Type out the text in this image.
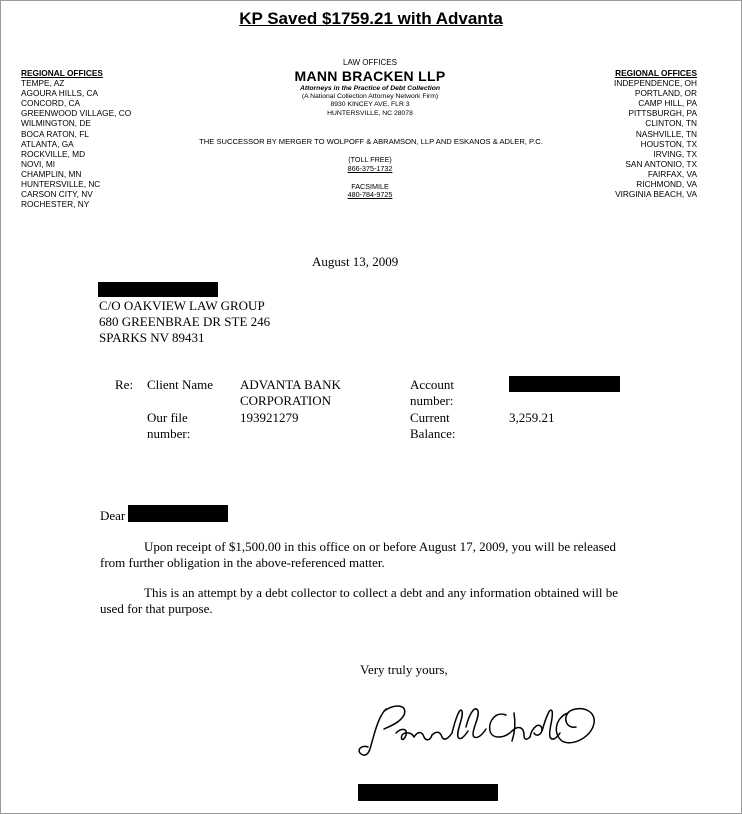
KP Saved $1759.21 with Advanta
REGIONAL OFFICES
TEMPE, AZ
AGOURA HILLS, CA
CONCORD, CA
GREENWOOD VILLAGE, CO
WILMINGTON, DE
BOCA RATON, FL
ATLANTA, GA
ROCKVILLE, MD
NOVI, MI
CHAMPLIN, MN
HUNTERSVILLE, NC
CARSON CITY, NV
ROCHESTER, NY
REGIONAL OFFICES
INDEPENDENCE, OH
PORTLAND, OR
CAMP HILL, PA
PITTSBURGH, PA
CLINTON, TN
NASHVILLE, TN
HOUSTON, TX
IRVING, TX
SAN ANTONIO, TX
FAIRFAX, VA
RICHMOND, VA
VIRGINIA BEACH, VA
LAW OFFICES
MANN BRACKEN LLP
Attorneys in the Practice of Debt Collection
(A National Collection Attorney Network Firm)
8930 KINCEY AVE, FLR 3
HUNTERSVILLE, NC 28078
THE SUCCESSOR BY MERGER TO WOLPOFF & ABRAMSON, LLP AND ESKANOS & ADLER, P.C.
(TOLL FREE)
866-375-1732
FACSIMILE
480-784-9725
August 13, 2009
C/O OAKVIEW LAW GROUP
680 GREENBRAE DR STE 246
SPARKS NV 89431
Re: Client Name ADVANTA BANK
CORPORATION
Account
number:
Our file
number:
193921279	Current
Balance:
3,259.21
Dear
Upon receipt of $1,500.00 in this office on or before August 17, 2009, you will be released from further obligation in the above-referenced matter.
This is an attempt by a debt collector to collect a debt and any information obtained will be used for that purpose.
Very truly yours,
